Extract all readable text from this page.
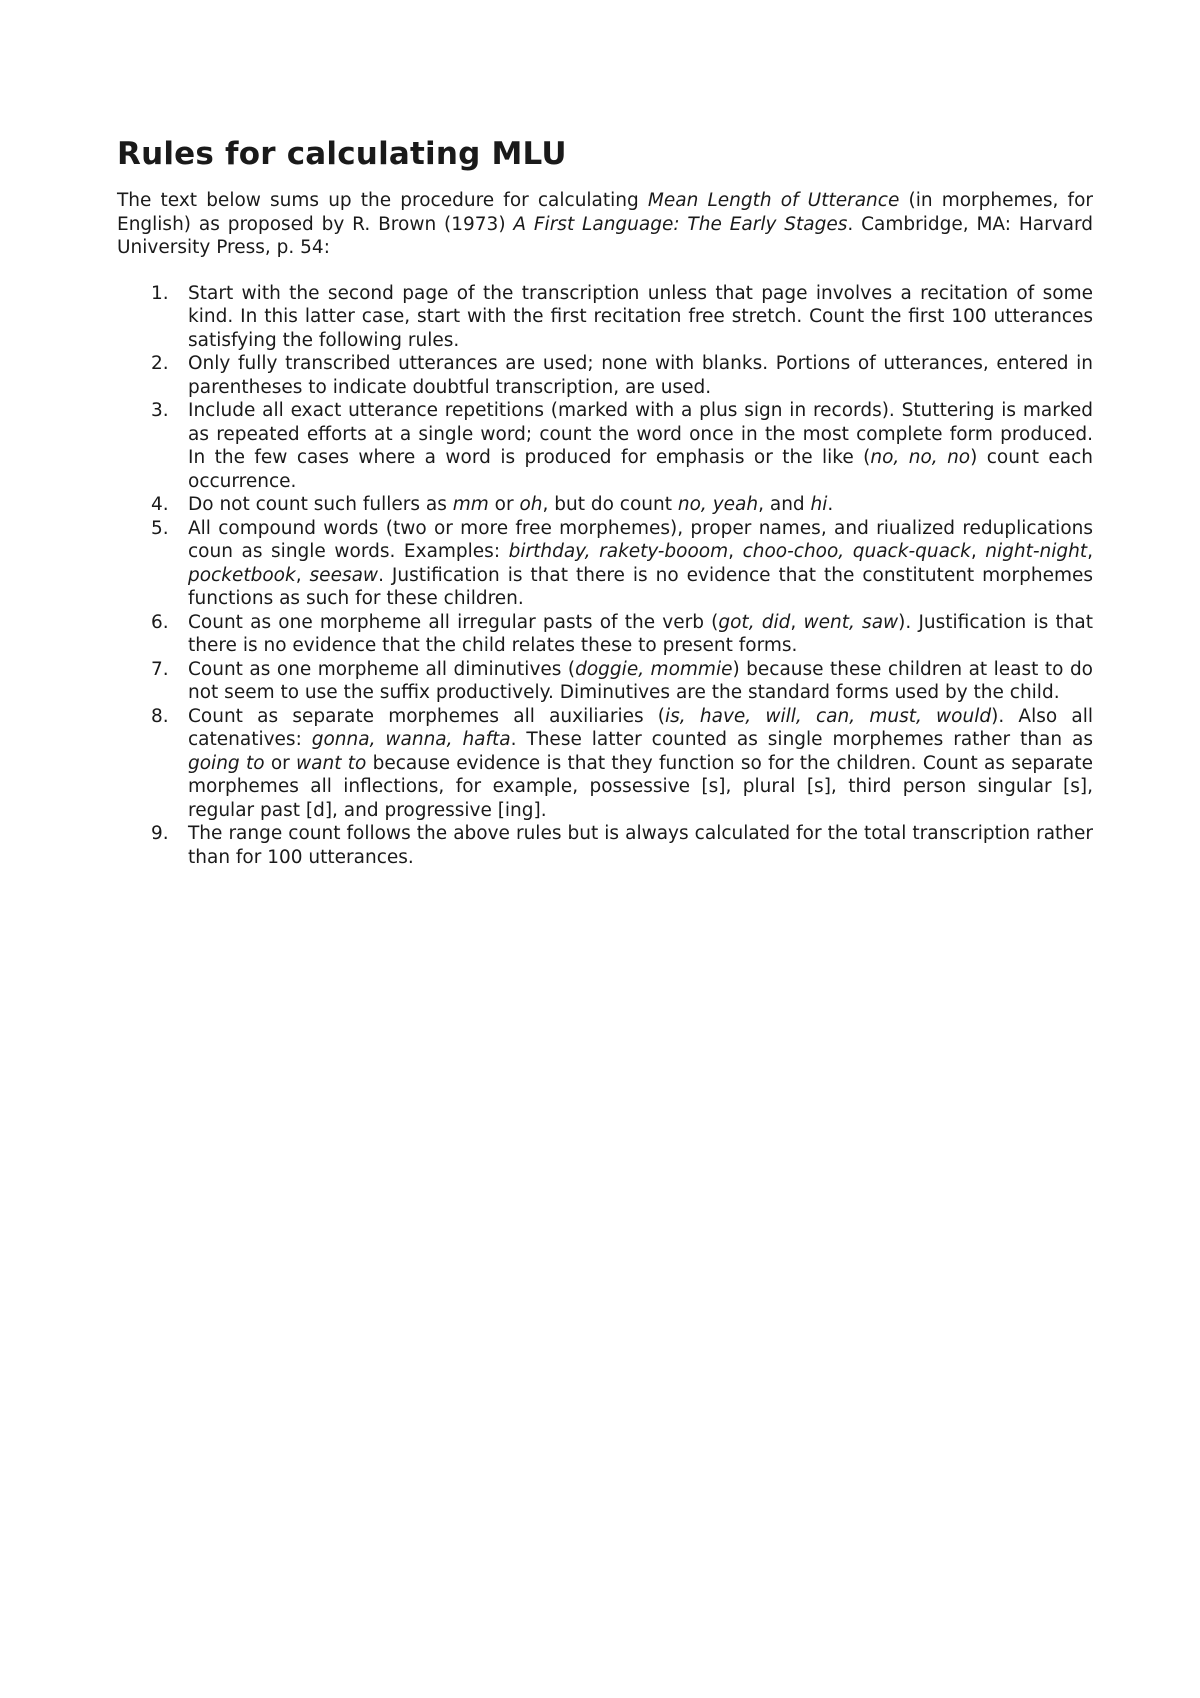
Rules for calculating MLU

The text below sums up the procedure for calculating Mean Length of Utterance (in morphemes, for English) as proposed by R. Brown (1973) A First Language: The Early Stages. Cambridge, MA: Harvard University Press, p. 54:

1. Start with the second page of the transcription unless that page involves a recitation of some kind. In this latter case, start with the first recitation free stretch. Count the first 100 utterances satisfying the following rules.
2. Only fully transcribed utterances are used; none with blanks. Portions of utterances, entered in parentheses to indicate doubtful transcription, are used.
3. Include all exact utterance repetitions (marked with a plus sign in records). Stuttering is marked as repeated efforts at a single word; count the word once in the most complete form produced. In the few cases where a word is produced for emphasis or the like (no, no, no) count each occurrence.
4. Do not count such fullers as mm or oh, but do count no, yeah, and hi.
5. All compound words (two or more free morphemes), proper names, and riualized reduplications coun as single words. Examples: birthday, rakety-booom, choo-choo, quack-quack, night-night, pocketbook, seesaw. Justification is that there is no evidence that the constitutent morphemes functions as such for these children.
6. Count as one morpheme all irregular pasts of the verb (got, did, went, saw). Justification is that there is no evidence that the child relates these to present forms.
7. Count as one morpheme all diminutives (doggie, mommie) because these children at least to do not seem to use the suffix productively. Diminutives are the standard forms used by the child.
8. Count as separate morphemes all auxiliaries (is, have, will, can, must, would). Also all catenatives: gonna, wanna, hafta. These latter counted as single morphemes rather than as going to or want to because evidence is that they function so for the children. Count as separate morphemes all inflections, for example, possessive [s], plural [s], third person singular [s], regular past [d], and progressive [ing].
9. The range count follows the above rules but is always calculated for the total transcription rather than for 100 utterances.
